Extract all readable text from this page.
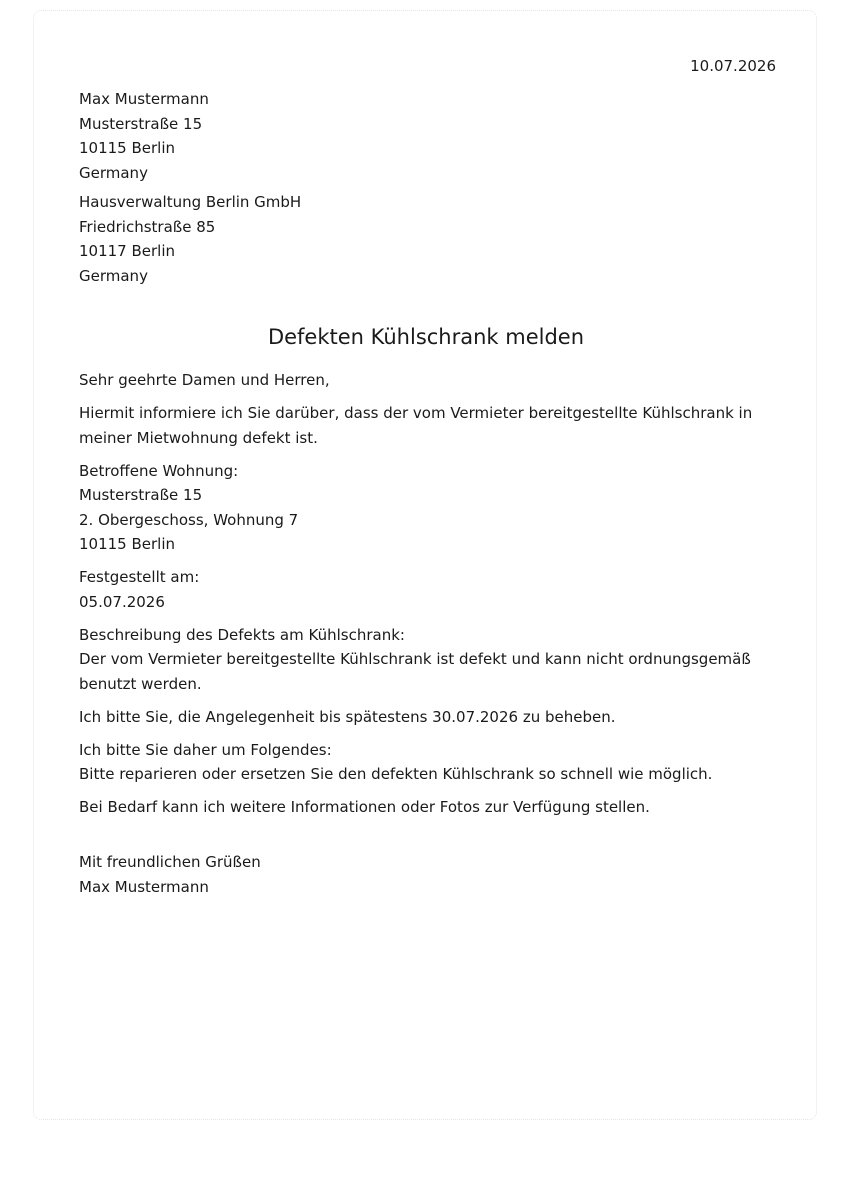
10.07.2026
Max Mustermann
Musterstraße 15
10115 Berlin
Germany
Hausverwaltung Berlin GmbH
Friedrichstraße 85
10117 Berlin
Germany
Defekten Kühlschrank melden

Sehr geehrte Damen und Herren,

Hiermit informiere ich Sie darüber, dass der vom Vermieter bereitgestellte Kühlschrank in meiner Mietwohnung defekt ist.

Betroffene Wohnung:
Musterstraße 15
2. Obergeschoss, Wohnung 7
10115 Berlin

Festgestellt am:
05.07.2026

Beschreibung des Defekts am Kühlschrank:
Der vom Vermieter bereitgestellte Kühlschrank ist defekt und kann nicht ordnungsgemäß benutzt werden.

Ich bitte Sie, die Angelegenheit bis spätestens 30.07.2026 zu beheben.

Ich bitte Sie daher um Folgendes:
Bitte reparieren oder ersetzen Sie den defekten Kühlschrank so schnell wie möglich.

Bei Bedarf kann ich weitere Informationen oder Fotos zur Verfügung stellen.

Mit freundlichen Grüßen
Max Mustermann
